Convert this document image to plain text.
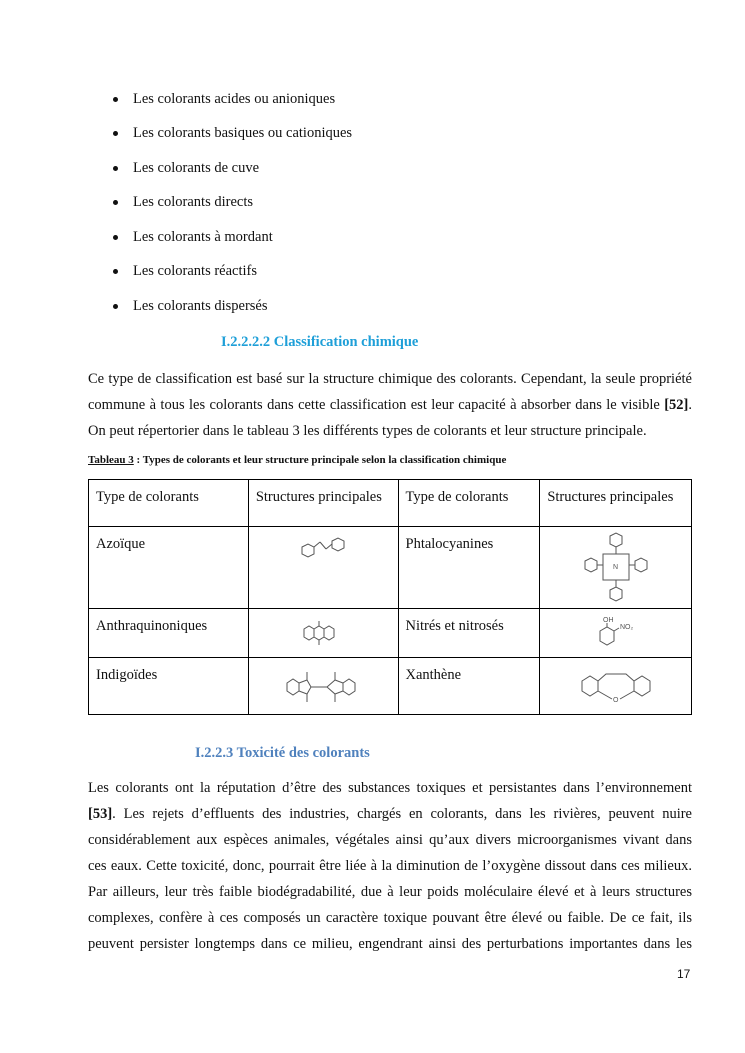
Les colorants acides ou anioniques
Les colorants basiques ou cationiques
Les colorants de cuve
Les colorants directs
Les colorants à mordant
Les colorants réactifs
Les colorants dispersés
I.2.2.2.2 Classification chimique
Ce type de classification est basé sur la structure chimique des colorants. Cependant, la seule propriété
commune à tous les colorants dans cette classification est leur capacité à absorber dans le visible [52].
On peut répertorier dans le tableau 3 les différents types de colorants et leur structure principale.
Tableau 3 : Types de colorants et leur structure principale selon la classification chimique
Type de colorants	Structures principales	Type de colorants	Structures principales
Azoïque		Phtalocyanines	N

Anthraquinoniques		Nitrés et nitrosés	OH
NO₂

Indigoïdes		Xanthène	O
I.2.2.3 Toxicité des colorants
Les colorants ont la réputation d’être des substances toxiques et persistantes dans l’environnement
[53]. Les rejets d’effluents des industries, chargés en colorants, dans les rivières, peuvent nuire
considérablement aux espèces animales, végétales ainsi qu’aux divers microorganismes vivant dans
ces eaux. Cette toxicité, donc, pourrait être liée à la diminution de l’oxygène dissout dans ces milieux.
Par ailleurs, leur très faible biodégradabilité, due à leur poids moléculaire élevé et à leurs structures
complexes, confère à ces composés un caractère toxique pouvant être élevé ou faible. De ce fait, ils
peuvent persister longtemps dans ce milieu, engendrant ainsi des perturbations importantes dans les
17
